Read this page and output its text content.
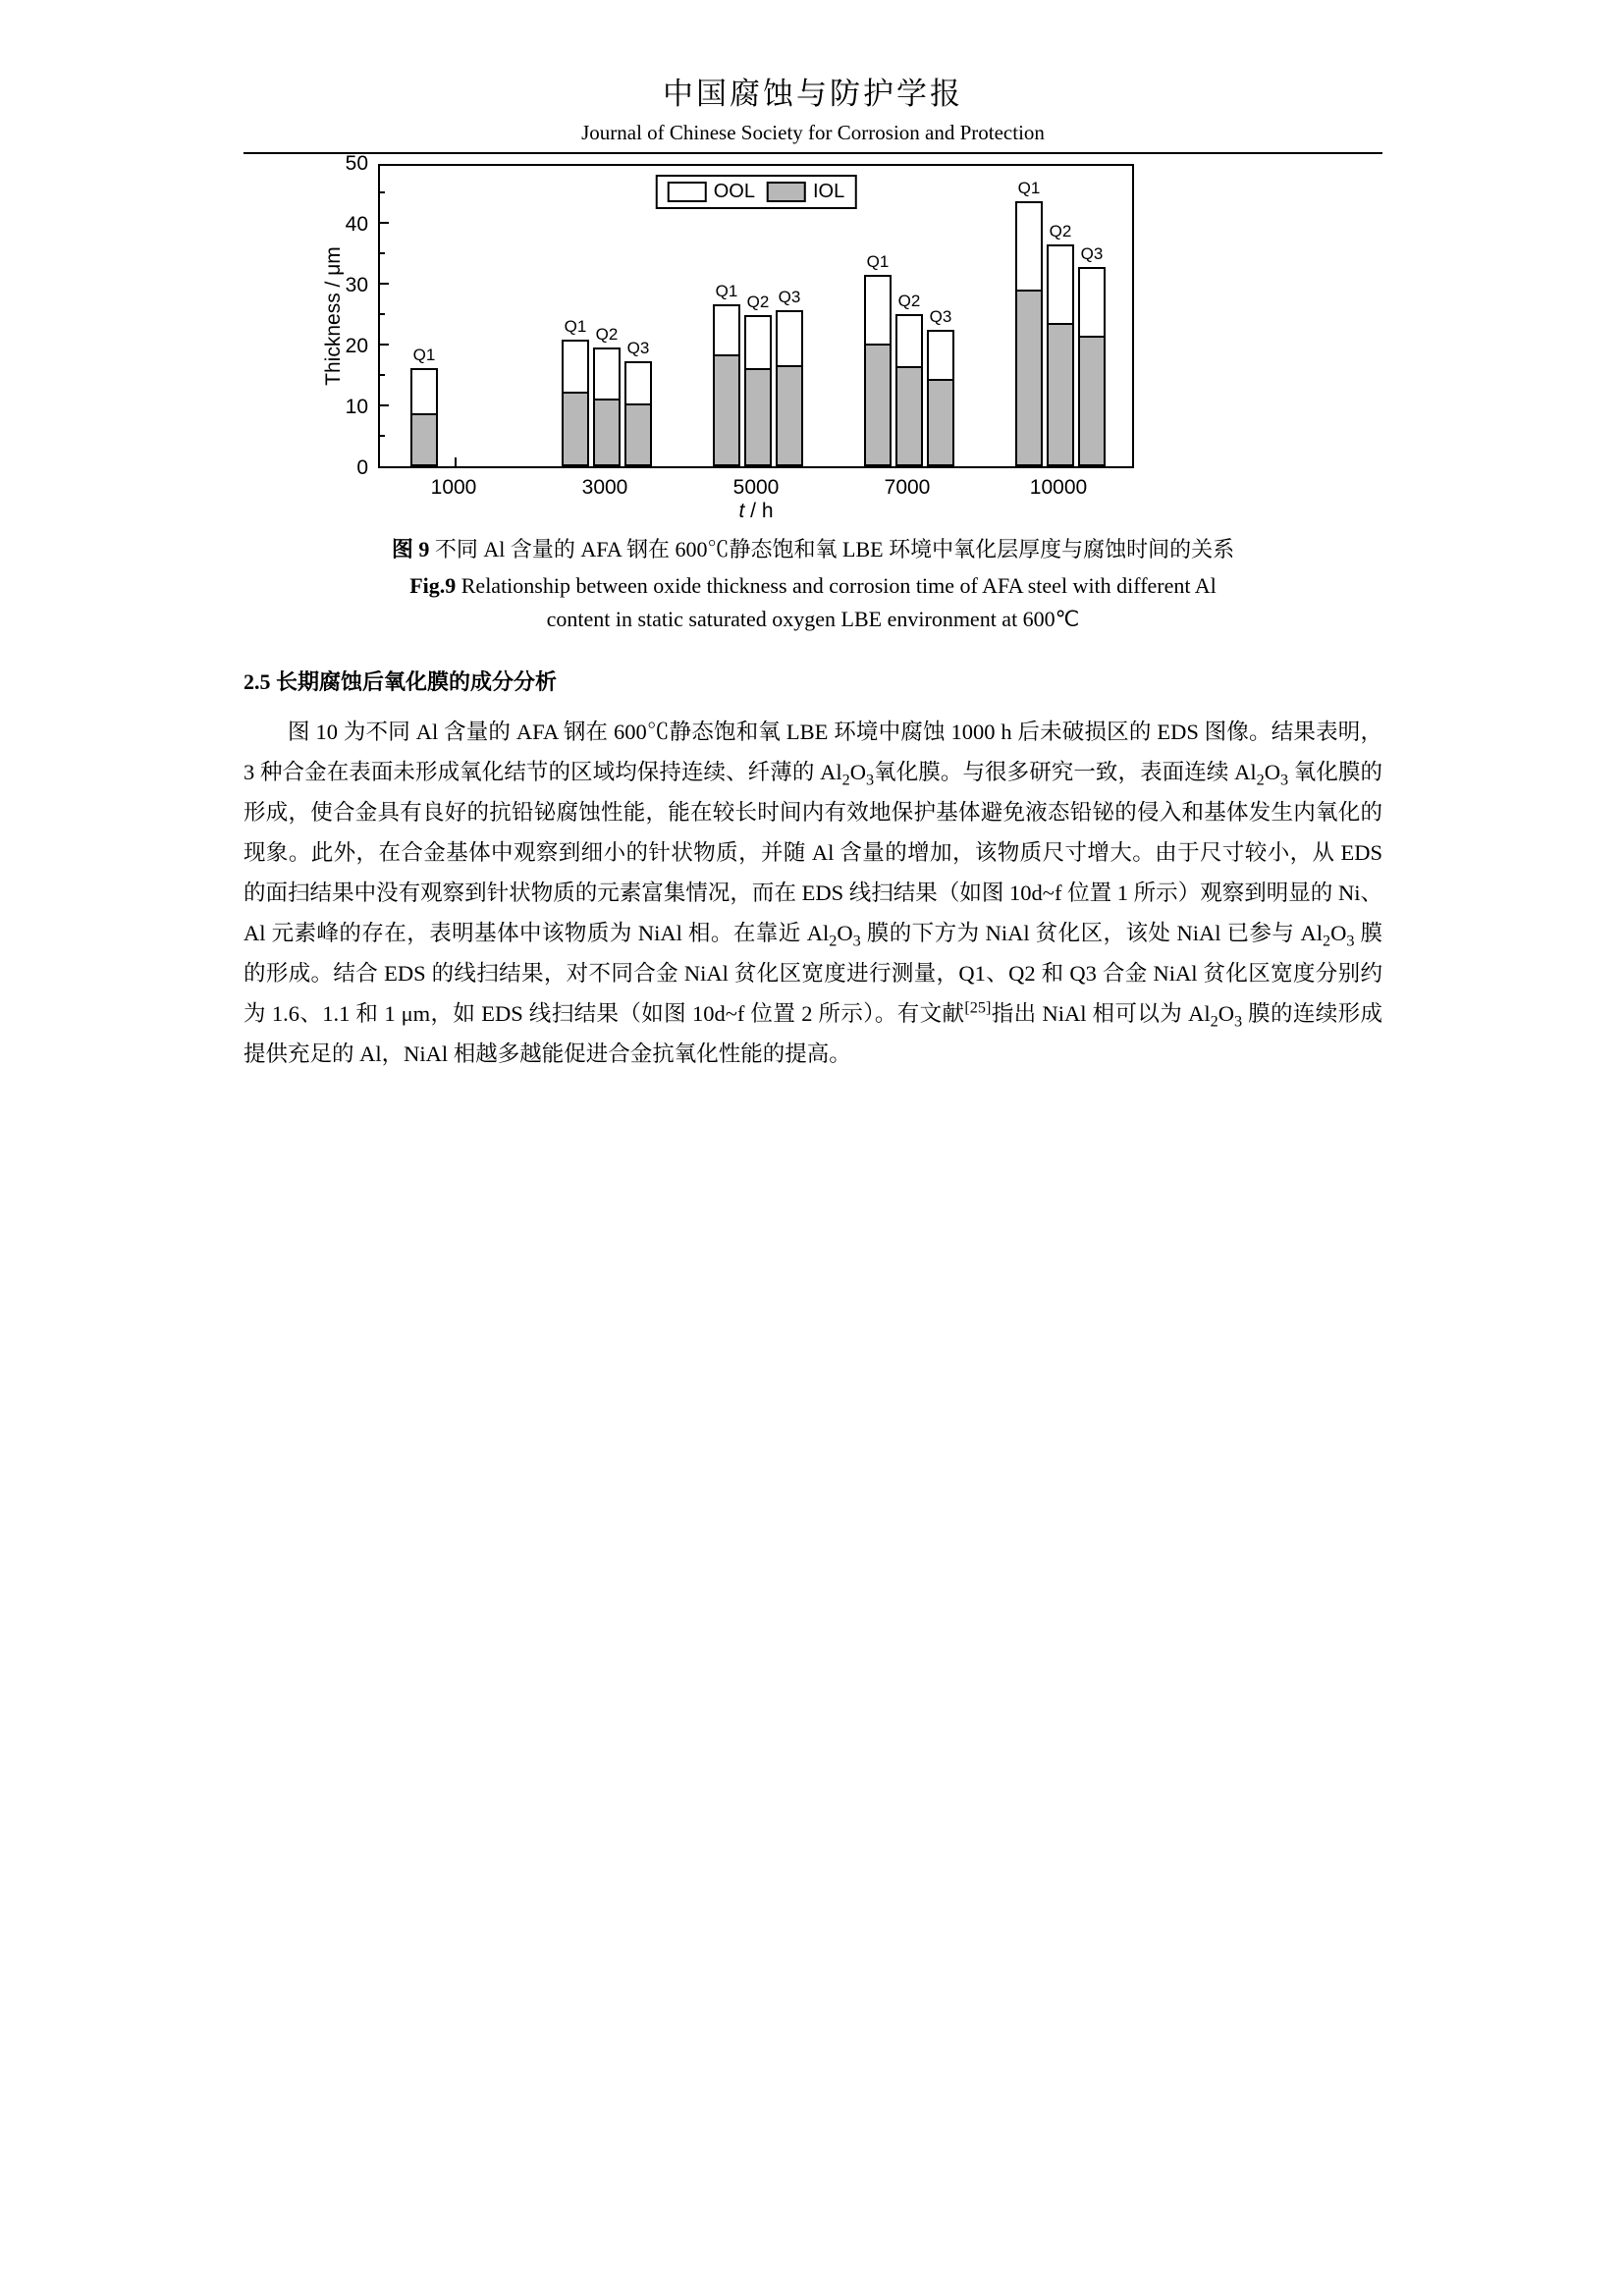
中国腐蚀与防护学报
Journal of Chinese Society for Corrosion and Protection
Thickness / μm
OOL	IOL
Q1
Q1 Q2
Q3
Q1
Q2 Q3
Q1
Q2
Q3
Q1
Q2
Q3
t / h
0
10
20
30
40
50
1000	3000	5000	7000	10000
图 9 不同 Al 含量的 AFA 钢在 600℃静态饱和氧 LBE 环境中氧化层厚度与腐蚀时间的关系
Fig.9 Relationship between oxide thickness and corrosion time of AFA steel with different Al
content in static saturated oxygen LBE environment at 600℃
2.5 长期腐蚀后氧化膜的成分分析
图 10 为不同 Al 含量的 AFA 钢在 600℃静态饱和氧 LBE 环境中腐蚀 1000 h 后未破损区的 EDS 图像。结果表明，3 种合金在表面未形成氧化结节的区域均保持连续、纤薄的 $Al_2O_3$氧化膜。与很多研究一致，表面连续 $Al_2O_3$ 氧化膜的形成，使合金具有良好的抗铅铋腐蚀性能，能在较长时间内有效地保护基体避免液态铅铋的侵入和基体发生内氧化的现象。此外，在合金基体中观察到细小的针状物质，并随 Al 含量的增加，该物质尺寸增大。由于尺寸较小，从 EDS 的面扫结果中没有观察到针状物质的元素富集情况，而在 EDS 线扫结果（如图 10d~f 位置 1 所示）观察到明显的 Ni、Al 元素峰的存在，表明基体中该物质为 NiAl 相。在靠近 $Al_2O_3$ 膜的下方为 NiAl 贫化区，该处 NiAl 已参与 $Al_2O_3$ 膜的形成。结合 EDS 的线扫结果，对不同合金 NiAl 贫化区宽度进行测量，Q1、Q2 和 Q3 合金 NiAl 贫化区宽度分别约为 1.6、1.1 和 1 μm，如 EDS 线扫结果（如图 10d~f 位置 2 所示）。有文献[25]指出 NiAl 相可以为 $Al_2O_3$ 膜的连续形成提供充足的 Al，NiAl 相越多越能促进合金抗氧化性能的提高。
